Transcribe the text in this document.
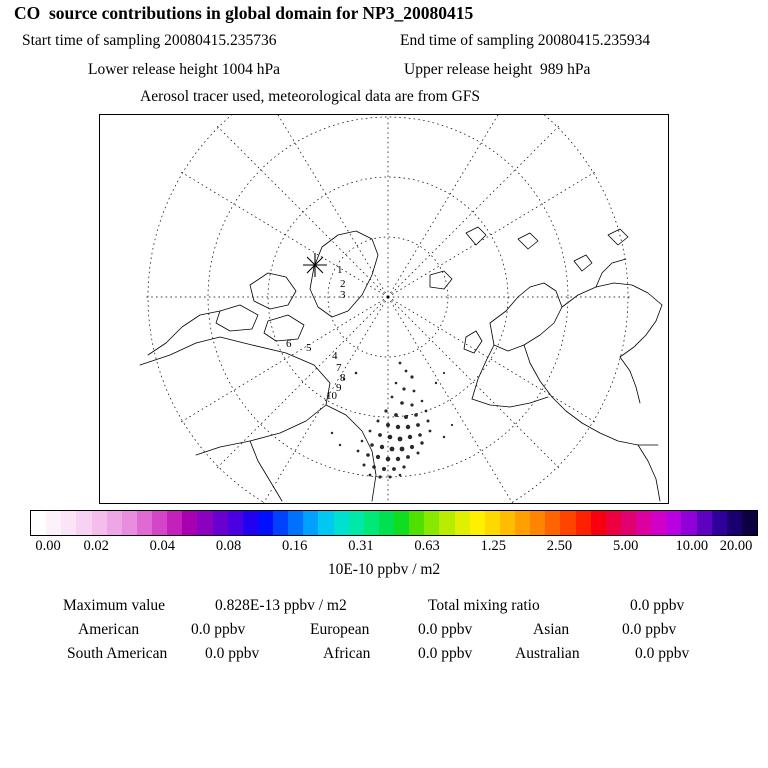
CO  source contributions in global domain for NP3_20080415
Start time of sampling 20080415.235736	End time of sampling 20080415.235934
Lower release height 1004 hPa	Upper release height  989 hPa
Aerosol tracer used, meteorological data are from GFS
1
2
3
4
5
6
7
8
9
10
0.00 0.02	0.04	0.08	0.16	0.31	0.63	1.25	2.50	5.00	10.00 20.00
10E-10 ppbv / m2
Maximum value	0.828E-13 ppbv / m2	Total mixing ratio	0.0 ppbv
American	0.0 ppbv	European	0.0 ppbv	Asian	0.0 ppbv
South American 0.0 ppbv	African	0.0 ppbv	Australian	0.0 ppbv
